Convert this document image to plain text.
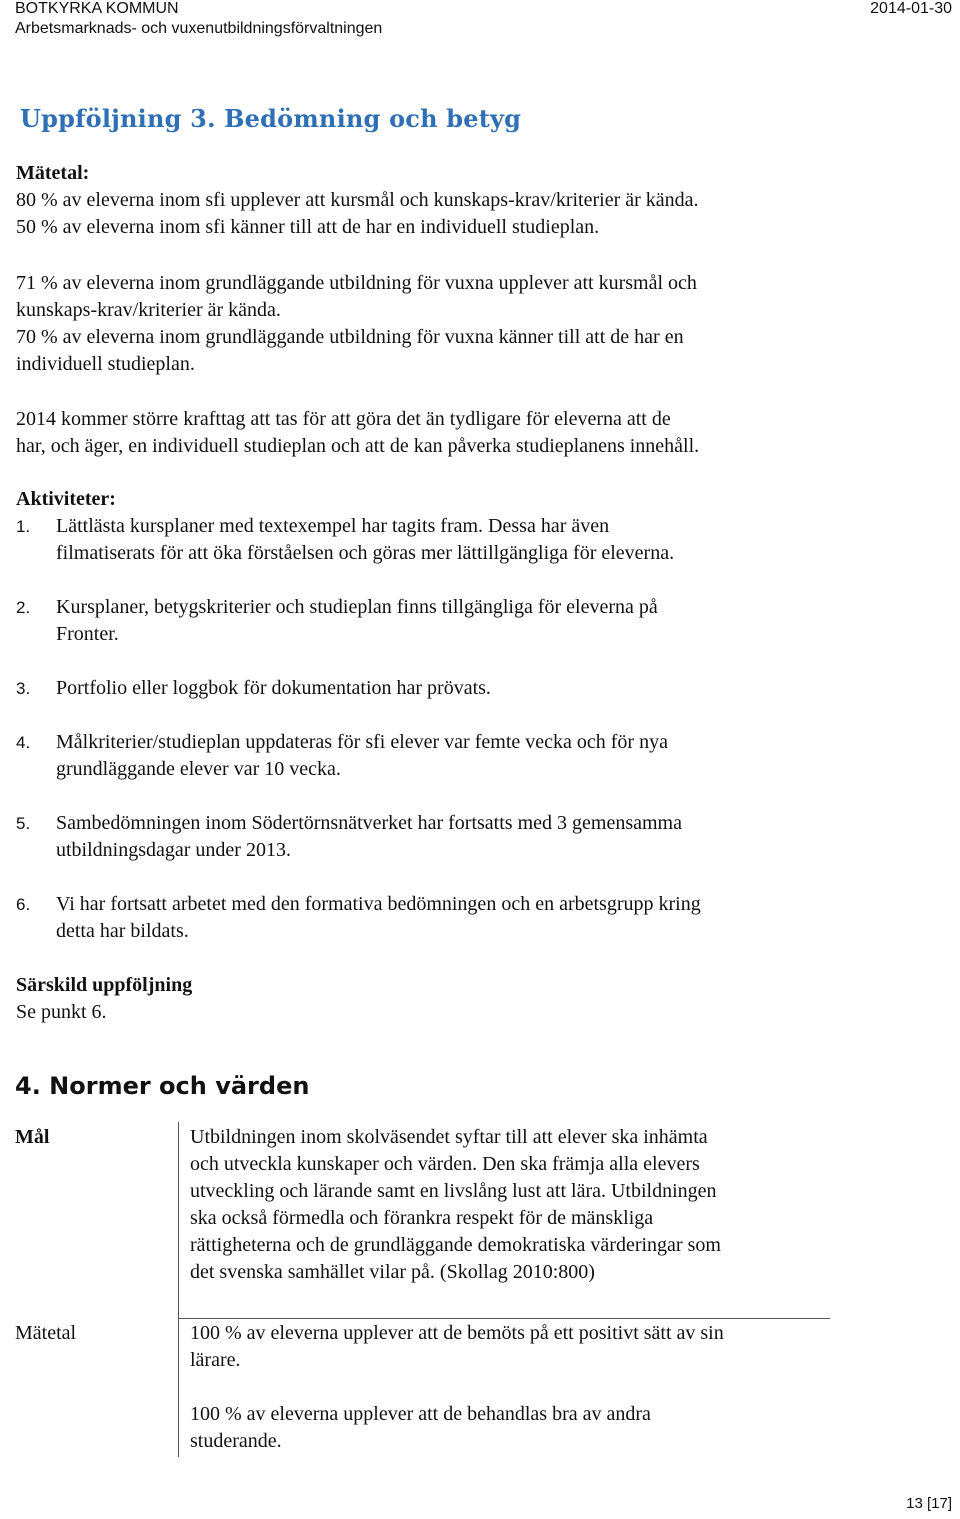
BOTKYRKA KOMMUN
Arbetsmarknads- och vuxenutbildningsförvaltningen
2014-01-30
Uppföljning 3. Bedömning och betyg
Mätetal:
80 % av eleverna inom sfi upplever att kursmål och kunskaps-krav/kriterier är kända.
50 % av eleverna inom sfi känner till att de har en individuell studieplan.
71 % av eleverna inom grundläggande utbildning för vuxna upplever att kursmål och
kunskaps-krav/kriterier är kända.
70 % av eleverna inom grundläggande utbildning för vuxna känner till att de har en
individuell studieplan.
2014 kommer större krafttag att tas för att göra det än tydligare för eleverna att de
har, och äger, en individuell studieplan och att de kan påverka studieplanens innehåll.
Aktiviteter:
1.	Lättlästa kursplaner med textexempel har tagits fram. Dessa har även
filmatiserats för att öka förståelsen och göras mer lättillgängliga för eleverna.
2.	Kursplaner, betygskriterier och studieplan finns tillgängliga för eleverna på
Fronter.
3.	Portfolio eller loggbok för dokumentation har prövats.
4.	Målkriterier/studieplan uppdateras för sfi elever var femte vecka och för nya
grundläggande elever var 10 vecka.
5.	Sambedömningen inom Södertörnsnätverket har fortsatts med 3 gemensamma
utbildningsdagar under 2013.
6.	Vi har fortsatt arbetet med den formativa bedömningen och en arbetsgrupp kring
detta har bildats.
Särskild uppföljning
Se punkt 6.
4. Normer och värden
Mål	Utbildningen inom skolväsendet syftar till att elever ska inhämta
och utveckla kunskaper och värden. Den ska främja alla elevers
utveckling och lärande samt en livslång lust att lära. Utbildningen
ska också förmedla och förankra respekt för de mänskliga
rättigheterna och de grundläggande demokratiska värderingar som
det svenska samhället vilar på. (Skollag 2010:800)
Mätetal	100 % av eleverna upplever att de bemöts på ett positivt sätt av sin
lärare.
100 % av eleverna upplever att de behandlas bra av andra
studerande.
13 [17]
